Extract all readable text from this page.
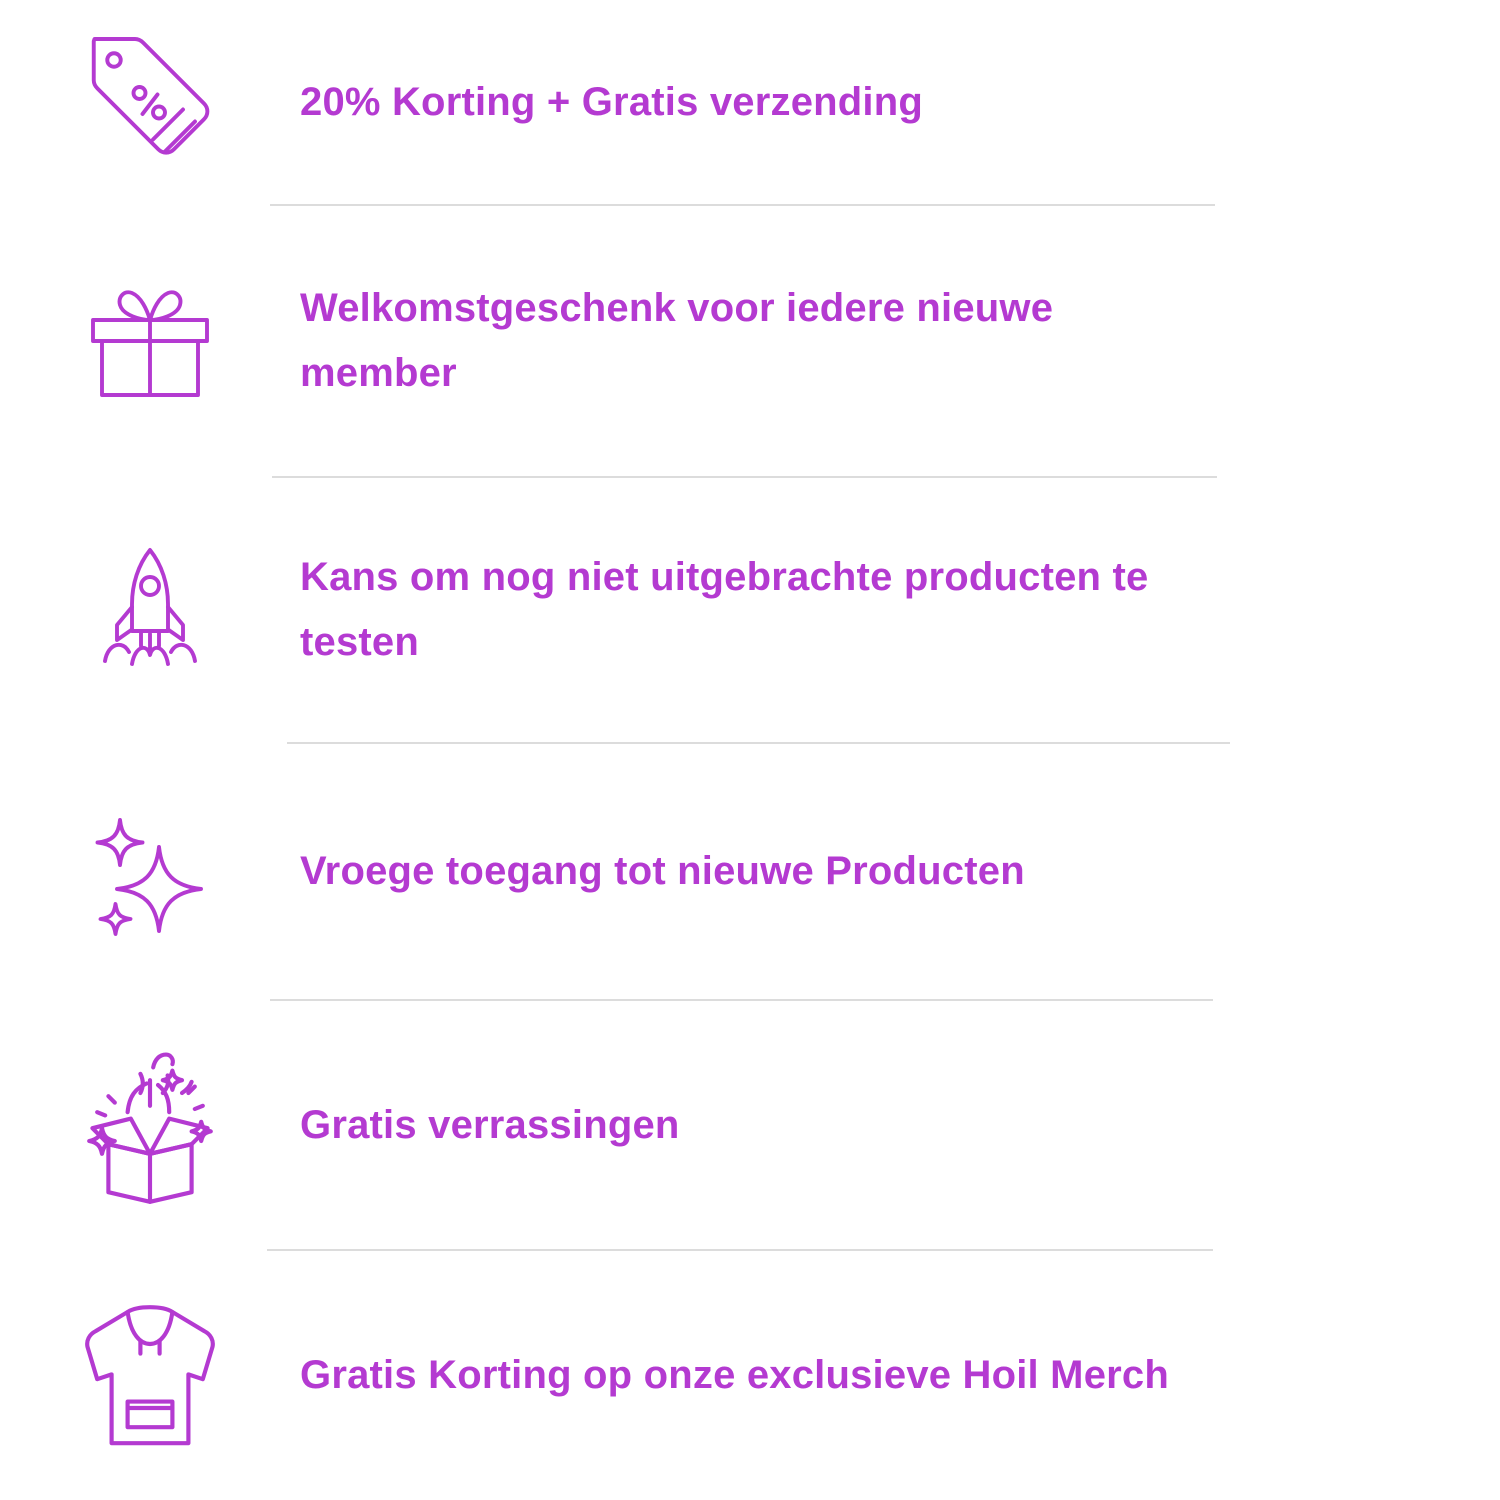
20% Korting + Gratis verzending
Welkomstgeschenk voor iedere nieuwe member
Kans om nog niet uitgebrachte producten te testen
Vroege toegang tot nieuwe Producten
Gratis verrassingen
Gratis Korting op onze exclusieve Hoil Merch
